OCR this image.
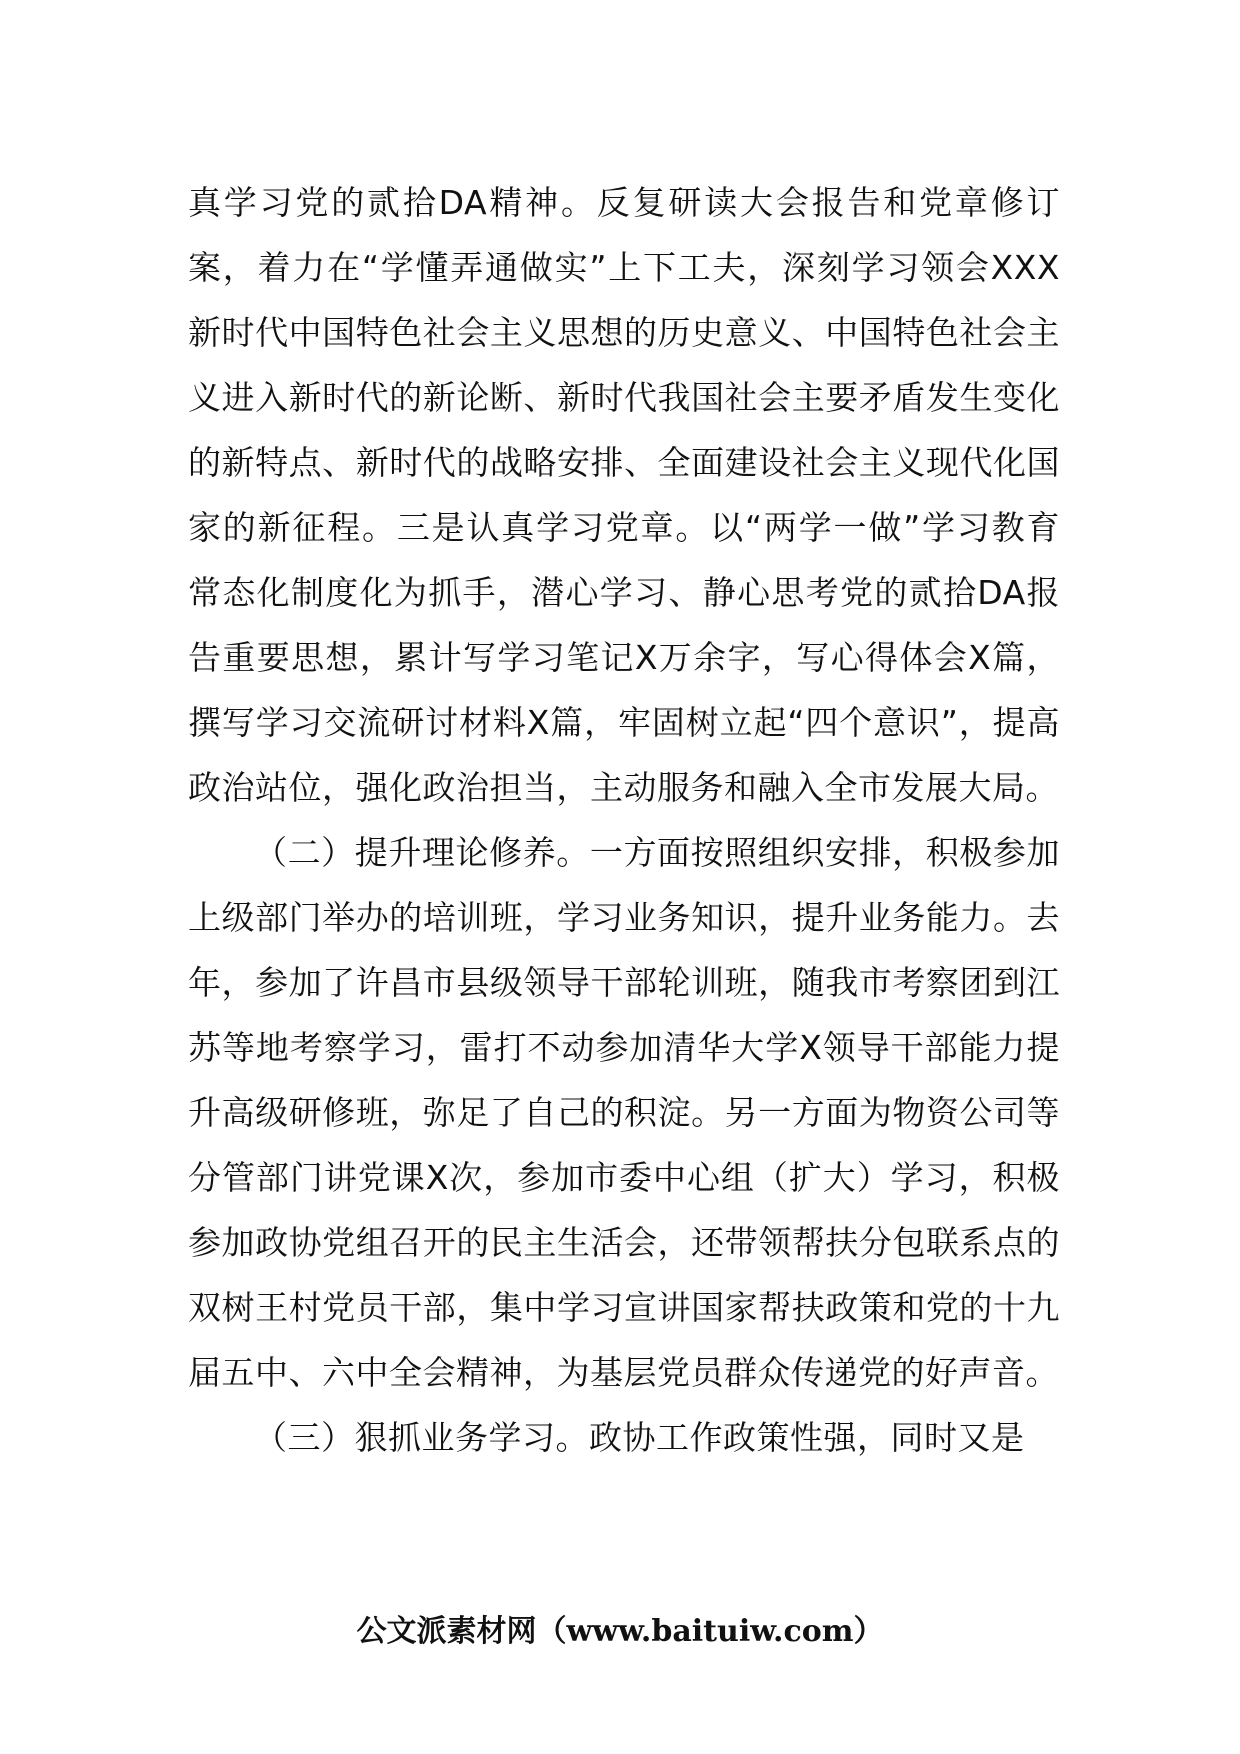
真学习党的贰拾DA精神。反复研读大会报告和党章修订案，着力在“学懂弄通做实”上下工夫，深刻学习领会XXX新时代中国特色社会主义思想的历史意义、中国特色社会主义进入新时代的新论断、新时代我国社会主要矛盾发生变化的新特点、新时代的战略安排、全面建设社会主义现代化国家的新征程。三是认真学习党章。以“两学一做”学习教育常态化制度化为抓手，潜心学习、静心思考党的贰拾DA报告重要思想，累计写学习笔记X万余字，写心得体会X篇，撰写学习交流研讨材料X篇，牢固树立起“四个意识”，提高政治站位，强化政治担当，主动服务和融入全市发展大局。

（二）提升理论修养。一方面按照组织安排，积极参加上级部门举办的培训班，学习业务知识，提升业务能力。去年，参加了许昌市县级领导干部轮训班，随我市考察团到江苏等地考察学习，雷打不动参加清华大学X领导干部能力提升高级研修班，弥足了自己的积淀。另一方面为物资公司等分管部门讲党课X次，参加市委中心组（扩大）学习，积极参加政协党组召开的民主生活会，还带领帮扶分包联系点的双树王村党员干部，集中学习宣讲国家帮扶政策和党的十九届五中、六中全会精神，为基层党员群众传递党的好声音。

（三）狠抓业务学习。政协工作政策性强，同时又是

公文派素材网（www.baituiw.com）
